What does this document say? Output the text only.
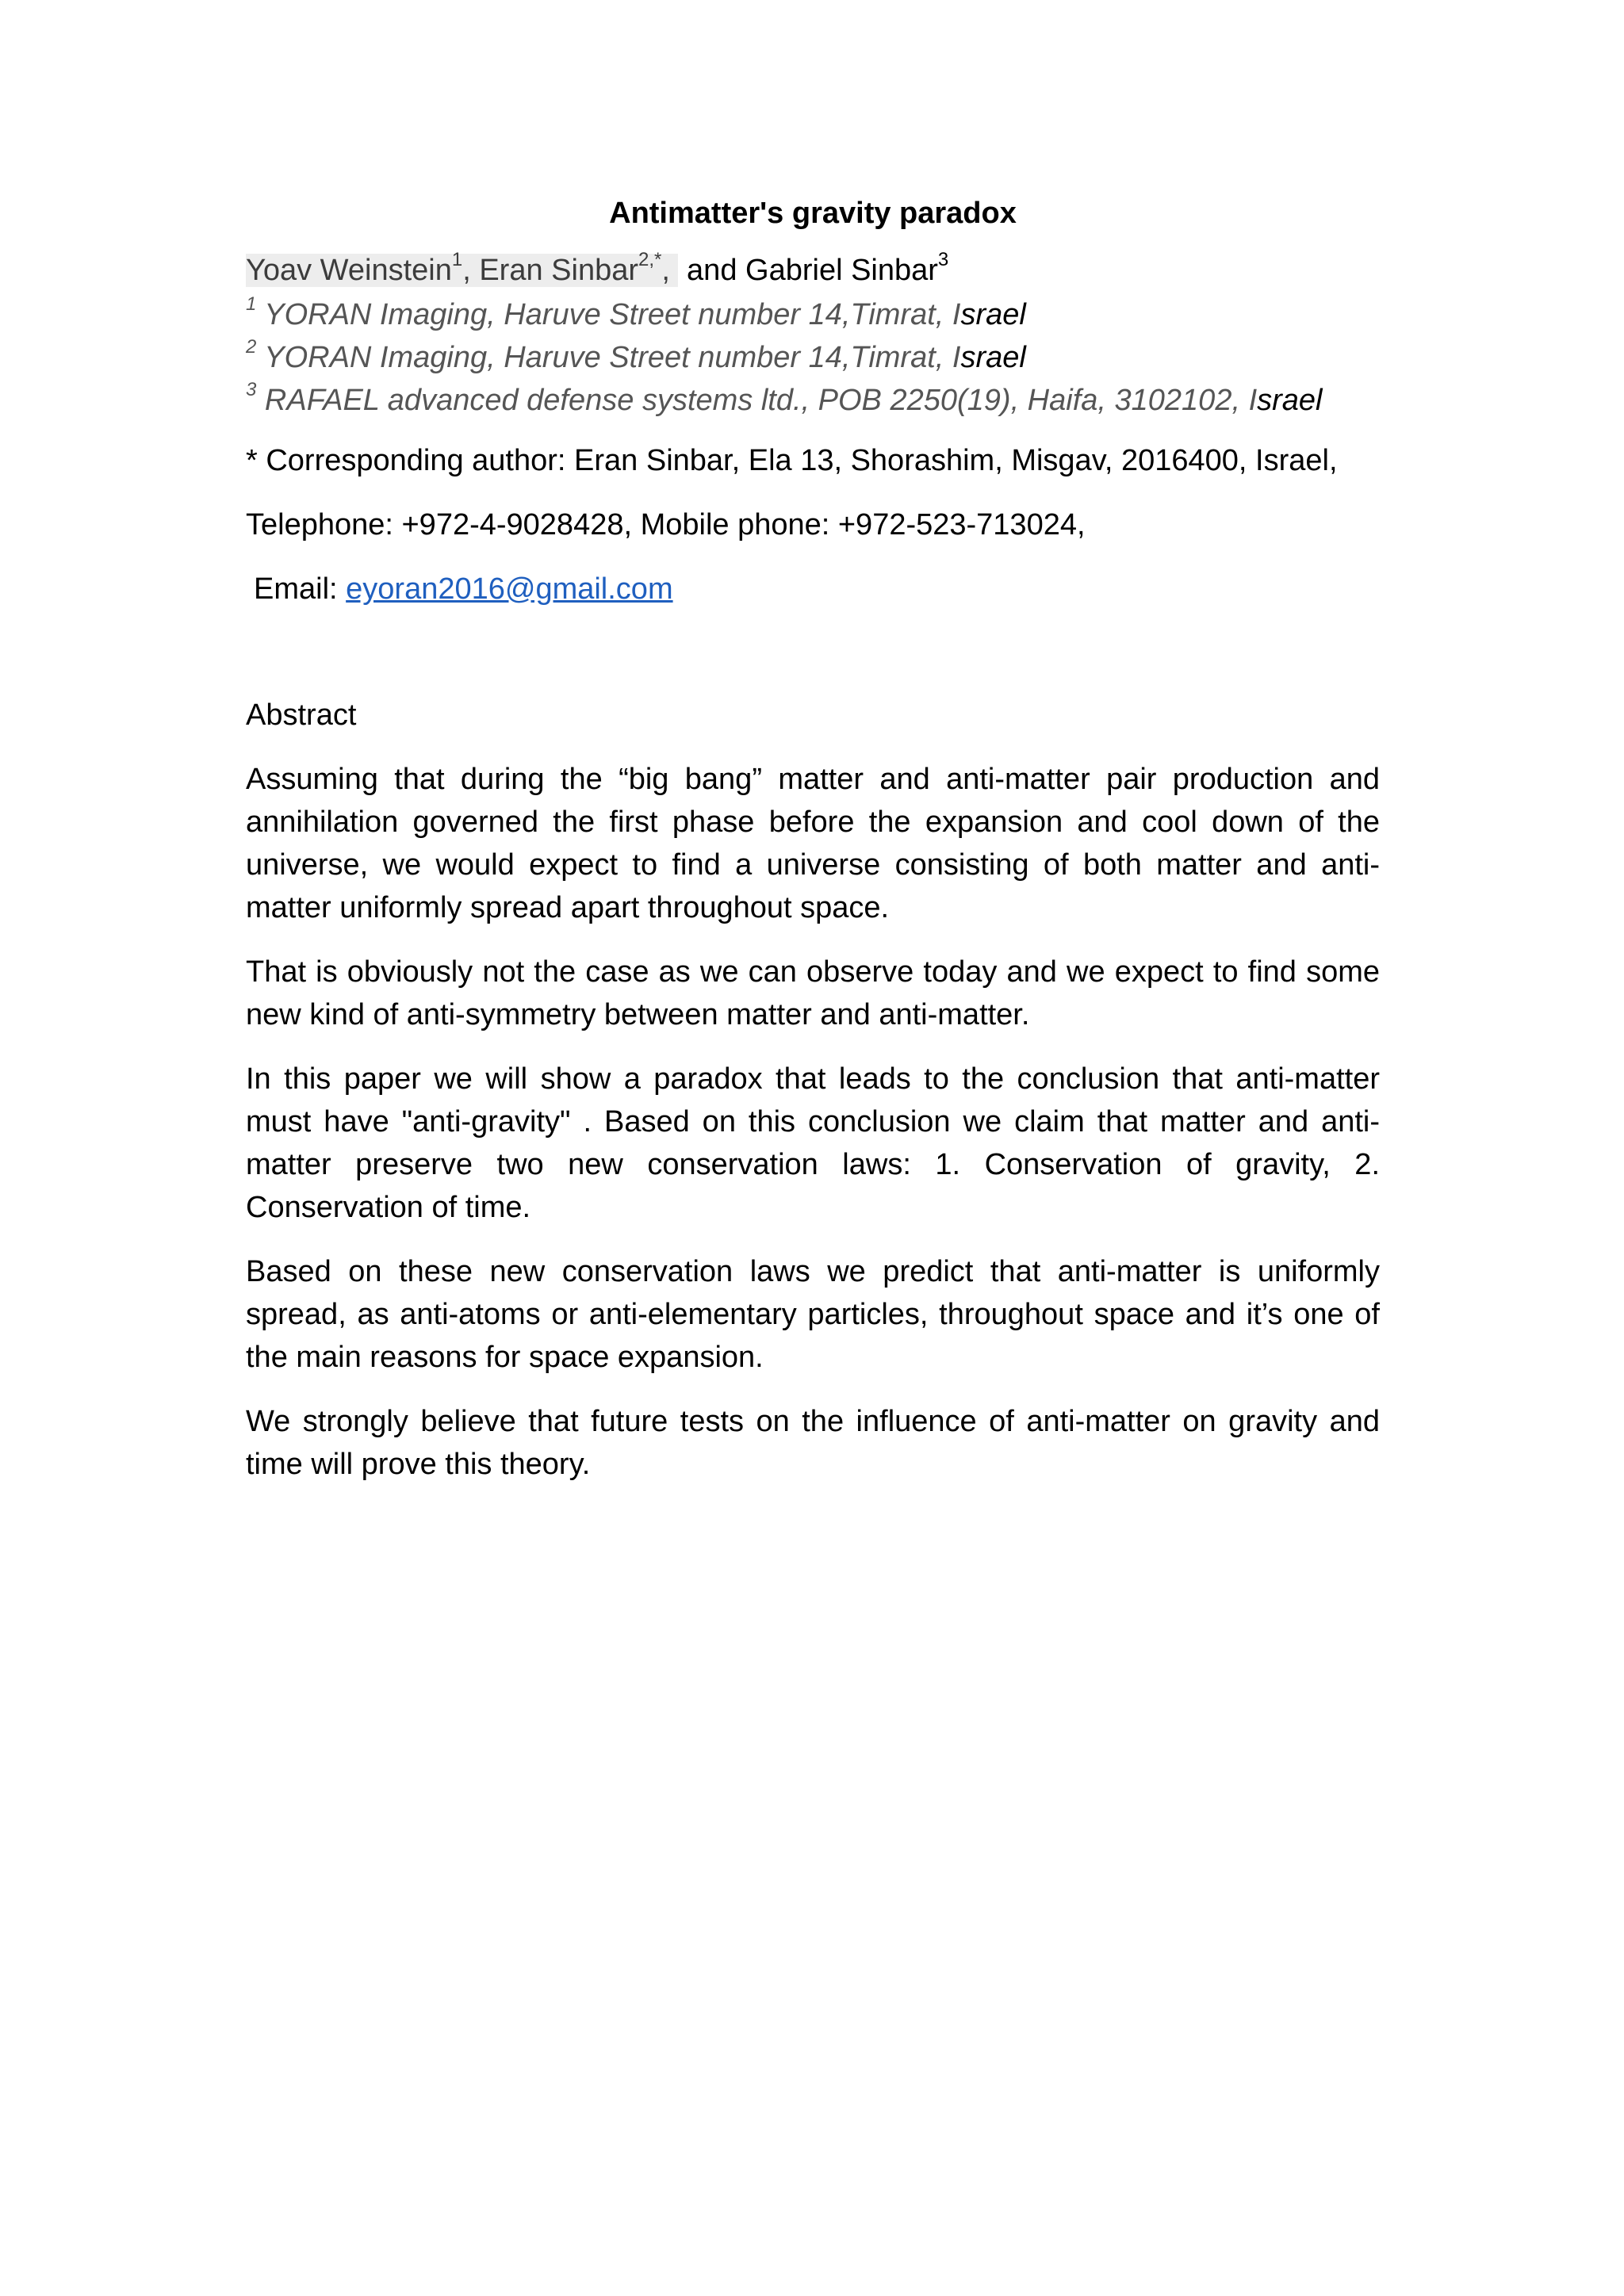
Antimatter's gravity paradox

Yoav Weinstein$^1$, Eran Sinbar$^{2,*}$,  and Gabriel Sinbar$^3$

$^1$ YORAN Imaging, Haruve Street number 14,Timrat, Israel

$^2$ YORAN Imaging, Haruve Street number 14,Timrat, Israel

$^3$ RAFAEL advanced defense systems ltd., POB 2250(19), Haifa, 3102102, Israel

* Corresponding author: Eran Sinbar, Ela 13, Shorashim, Misgav, 2016400, Israel,

Telephone: +972-4-9028428, Mobile phone: +972-523-713024,

Email: eyoran2016@gmail.com

Abstract

Assuming that during the “big bang” matter and anti-matter pair production and annihilation governed the first phase before the expansion and cool down of the universe, we would expect to find a universe consisting of both matter and anti-matter uniformly spread apart throughout space.

That is obviously not the case as we can observe today and we expect to find some new kind of anti-symmetry between matter and anti-matter.

In this paper we will show a paradox that leads to the conclusion that anti-matter must have "anti-gravity" . Based on this conclusion we claim that matter and anti-matter preserve two new conservation laws: 1. Conservation of gravity, 2. Conservation of time.

Based on these new conservation laws we predict that anti-matter is uniformly spread, as anti-atoms or anti-elementary particles, throughout space and it’s one of the main reasons for space expansion.

We strongly believe that future tests on the influence of anti-matter on gravity and time will prove this theory.
